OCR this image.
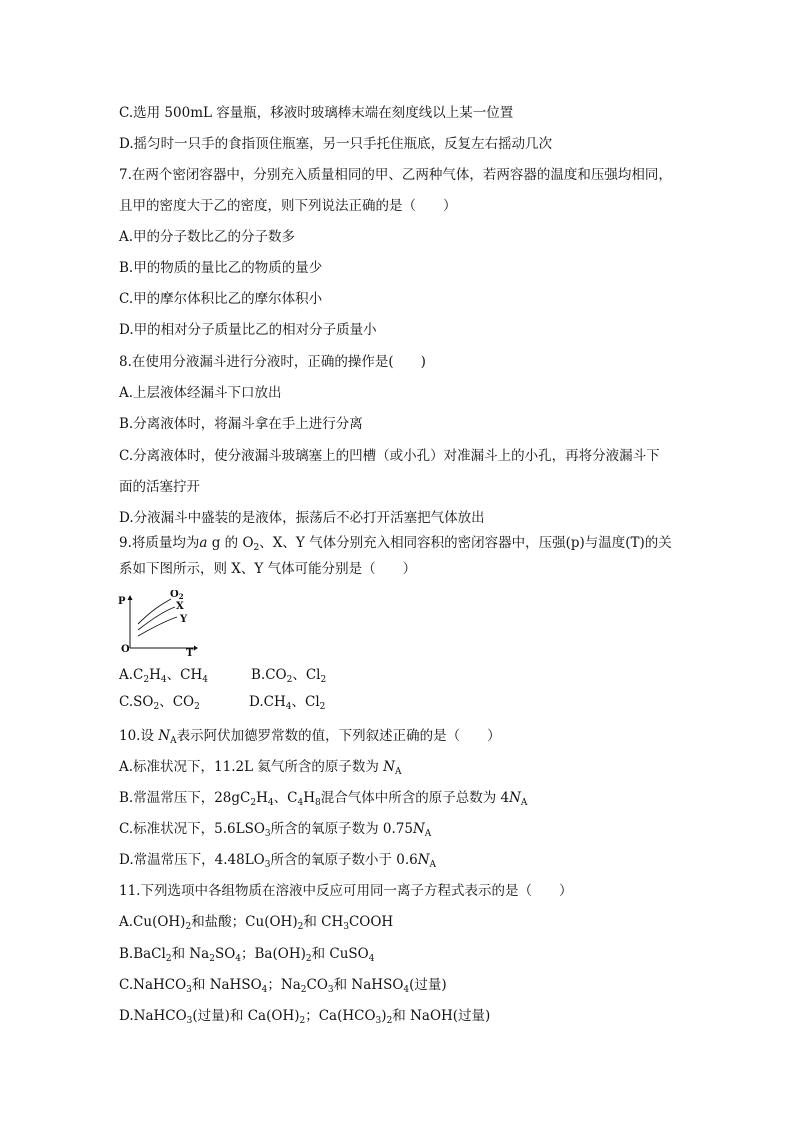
C.选用 500mL 容量瓶，移液时玻璃棒末端在刻度线以上某一位置
D.摇匀时一只手的食指顶住瓶塞，另一只手托住瓶底，反复左右摇动几次
7.在两个密闭容器中，分别充入质量相同的甲、乙两种气体，若两容器的温度和压强均相同，
且甲的密度大于乙的密度，则下列说法正确的是（　　）
A.甲的分子数比乙的分子数多
B.甲的物质的量比乙的物质的量少
C.甲的摩尔体积比乙的摩尔体积小
D.甲的相对分子质量比乙的相对分子质量小
8.在使用分液漏斗进行分液时，正确的操作是(　　)
A.上层液体经漏斗下口放出
B.分离液体时，将漏斗拿在手上进行分离
C.分离液体时，使分液漏斗玻璃塞上的凹槽（或小孔）对准漏斗上的小孔，再将分液漏斗下
面的活塞拧开
D.分液漏斗中盛装的是液体，振荡后不必打开活塞把气体放出
9.将质量均为a g 的 $O_2$、X、Y 气体分别充入相同容积的密闭容器中，压强(p)与温度(T)的关
系如下图所示，则 X、Y 气体可能分别是（　　）
P
T
O
$O_2$
X
Y
$A.C_2H_4$、$CH_4$	$B.CO_2$、$Cl_2$
$C.SO_2$、$CO_2$	$D.CH_4$、$Cl_2$
10.设 $N_A$表示阿伏加德罗常数的值，下列叙述正确的是（　　）
A.标准状况下，11.2L 氦气所含的原子数为 $N_A$
B.常温常压下，$28gC_2H_4$、$C_4H_8$混合气体中所含的原子总数为 $4N_A$
C.标准状况下，$5.6LSO_3$所含的氧原子数为 $0.75N_A$
D.常温常压下，$4.48LO_3$所含的氧原子数小于 $0.6N_A$
11.下列选项中各组物质在溶液中反应可用同一离子方程式表示的是（　　）
$A.Cu(OH)_2$和盐酸；$Cu(OH)_2$和 $CH_3COOH$
B.BaCl$_2$和 $Na_2SO_4$；$Ba(OH)_2$和 CuSO$_4$
C.NaHCO$_3$和 NaHSO$_4$；$Na_2CO_3$和 NaHSO$_4$(过量)
D.NaHCO$_3$(过量)和 $Ca(OH)_2$；$Ca(HCO_3)_2$和 NaOH(过量)
